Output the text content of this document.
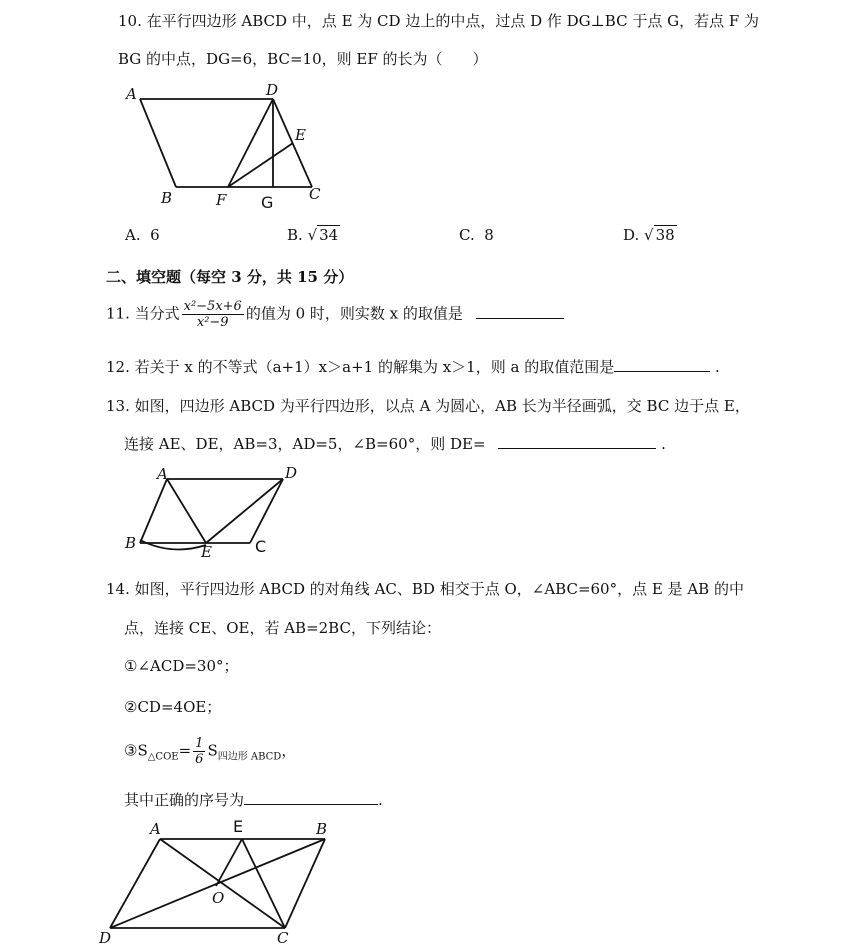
10. 在平行四边形 ABCD 中，点 E 为 CD 边上的中点，过点 D 作 DG⊥BC 于点 G，若点 F 为
BG 的中点，DG=6，BC=10，则 EF 的长为（　　）
A	D
E
B	F G C
A. 6	B. √ 34	C. 8	D. √ 38
二、填空题（每空 3 分，共 15 分）
11. 当分式 $\frac{\text{x²−5x+6}}{\text{x²−9}}$ 的值为 0 时，则实数 x 的取值是
12. 若关于 x 的不等式（a+1）x＞a+1 的解集为 x＞1，则 a 的取值范围是	.
13. 如图，四边形 ABCD 为平行四边形，以点 A 为圆心，AB 长为半径画弧，交 BC 边于点 E，
连接 AE、DE，AB=3，AD=5，∠B=60°，则 DE=	.
A	D
B	E	C
14. 如图，平行四边形 ABCD 的对角线 AC、BD 相交于点 O，∠ABC=60°，点 E 是 AB 的中
点，连接 CE、OE，若 AB=2BC，下列结论：
①∠ACD=30°；
②CD=4OE；
$③S_{\triangle COE}= \frac{1}{6} S_{四边形 ABCD}$，
其中正确的序号为	.
A	E	B
O
D	C
